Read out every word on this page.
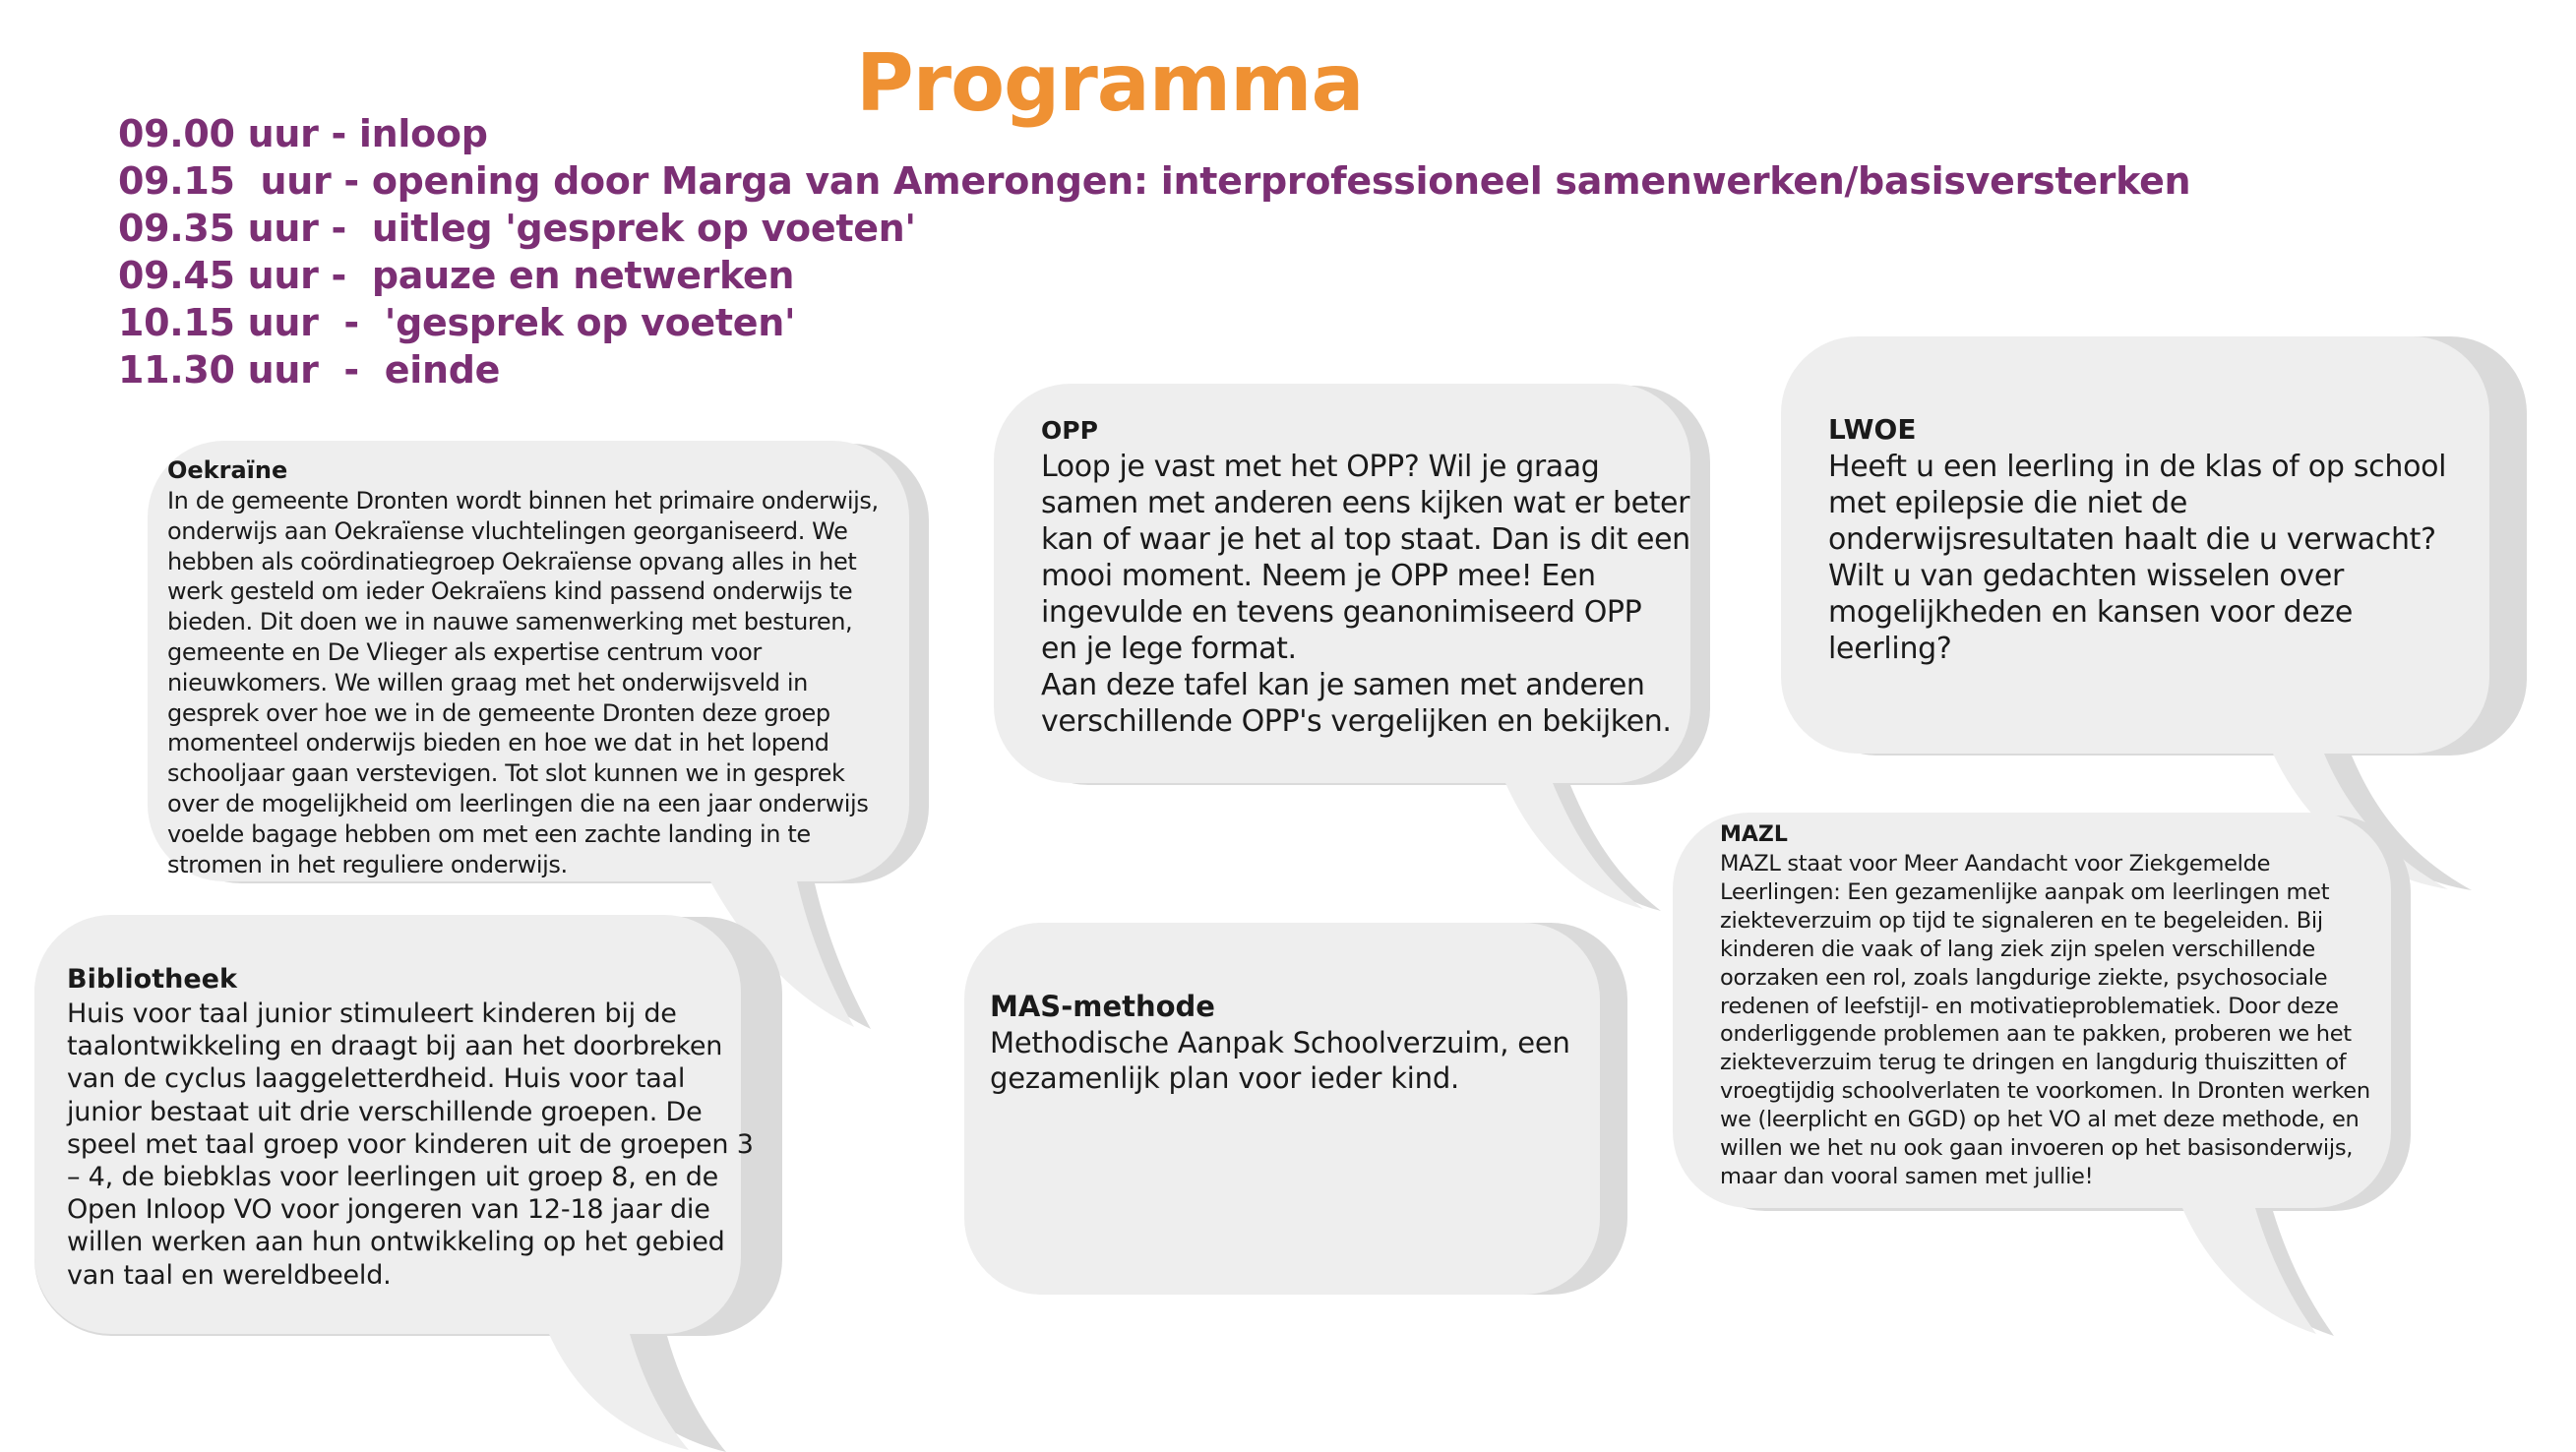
Programma
09.00 uur - inloop
09.15  uur - opening door Marga van Amerongen: interprofessioneel samenwerken/basisversterken
09.35 uur -  uitleg 'gesprek op voeten'
09.45 uur -  pauze en netwerken
10.15 uur  -  'gesprek op voeten'
11.30 uur  -  einde
Oekraïne

In de gemeente Dronten wordt binnen het primaire onderwijs,
onderwijs aan Oekraïense vluchtelingen georganiseerd. We
hebben als coördinatiegroep Oekraïense opvang alles in het
werk gesteld om ieder Oekraïens kind passend onderwijs te
bieden. Dit doen we in nauwe samenwerking met besturen,
gemeente en De Vlieger als expertise centrum voor
nieuwkomers. We willen graag met het onderwijsveld in
gesprek over hoe we in de gemeente Dronten deze groep
momenteel onderwijs bieden en hoe we dat in het lopend
schooljaar gaan verstevigen. Tot slot kunnen we in gesprek
over de mogelijkheid om leerlingen die na een jaar onderwijs
voelde bagage hebben om met een zachte landing in te
stromen in het reguliere onderwijs.

OPP

Loop je vast met het OPP? Wil je graag
samen met anderen eens kijken wat er beter
kan of waar je het al top staat. Dan is dit een
mooi moment. Neem je OPP mee! Een
ingevulde en tevens geanonimiseerd OPP
en je lege format.
Aan deze tafel kan je samen met anderen
verschillende OPP's vergelijken en bekijken.

LWOE

Heeft u een leerling in de klas of op school
met epilepsie die niet de
onderwijsresultaten haalt die u verwacht?
Wilt u van gedachten wisselen over
mogelijkheden en kansen voor deze
leerling?

MAZL

MAZL staat voor Meer Aandacht voor Ziekgemelde
Leerlingen: Een gezamenlijke aanpak om leerlingen met
ziekteverzuim op tijd te signaleren en te begeleiden. Bij
kinderen die vaak of lang ziek zijn spelen verschillende
oorzaken een rol, zoals langdurige ziekte, psychosociale
redenen of leefstijl- en motivatieproblematiek. Door deze
onderliggende problemen aan te pakken, proberen we het
ziekteverzuim terug te dringen en langdurig thuiszitten of
vroegtijdig schoolverlaten te voorkomen. In Dronten werken
we (leerplicht en GGD) op het VO al met deze methode, en
willen we het nu ook gaan invoeren op het basisonderwijs,
maar dan vooral samen met jullie!

Bibliotheek

Huis voor taal junior stimuleert kinderen bij de
taalontwikkeling en draagt bij aan het doorbreken
van de cyclus laaggeletterdheid. Huis voor taal
junior bestaat uit drie verschillende groepen. De
speel met taal groep voor kinderen uit de groepen 3
– 4, de biebklas voor leerlingen uit groep 8, en de
Open Inloop VO voor jongeren van 12-18 jaar die
willen werken aan hun ontwikkeling op het gebied
van taal en wereldbeeld.

MAS-methode

Methodische Aanpak Schoolverzuim, een
gezamenlijk plan voor ieder kind.
